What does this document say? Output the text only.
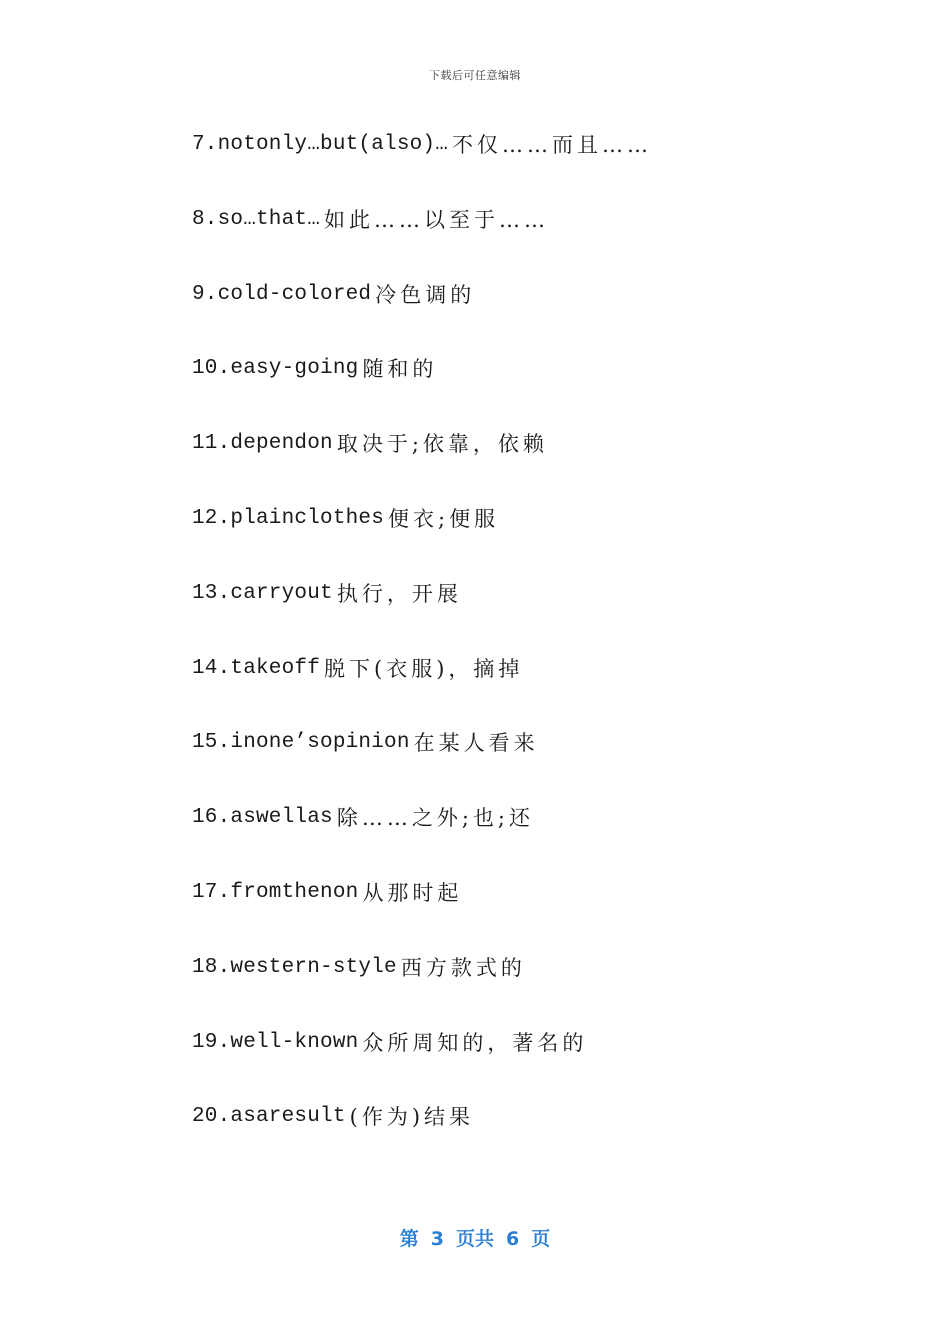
下载后可任意编辑
7.notonly…but(also)… 不仅……而且……
8.so…that… 如此……以至于……
9.cold-colored 冷色调的
10.easy-going 随和的
11.dependon 取决于;依靠，依赖
12.plainclothes 便衣;便服
13.carryout 执行，开展
14.takeoff 脱下(衣服)，摘掉
15.inone’sopinion 在某人看来
16.aswellas 除……之外;也;还
17.fromthenon 从那时起
18.western-style 西方款式的
19.well-known 众所周知的，著名的
20.asaresult (作为)结果
第 3 页共 6 页
